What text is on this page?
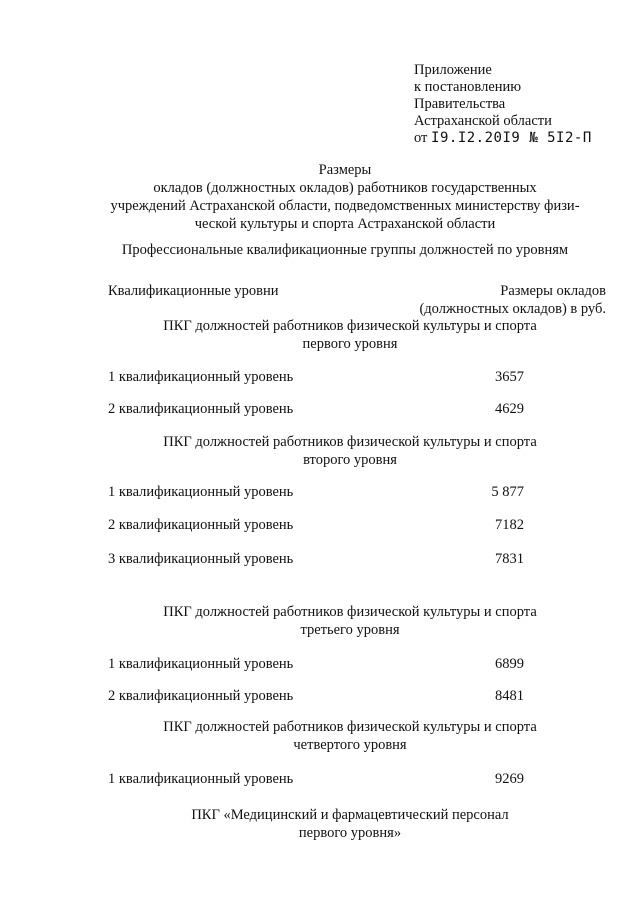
Приложение
к постановлению
Правительства
Астраханской области
от I9.I2.20I9 № 5I2-П
Размеры
окладов (должностных окладов) работников государственных
учреждений Астраханской области, подведомственных министерству физи-
ческой культуры и спорта Астраханской области
Профессиональные квалификационные группы должностей по уровням
Квалификационные уровни	Размеры окладов
(должностных окладов) в руб.
ПКГ должностей работников физической культуры и спорта
первого уровня
1 квалификационный уровень	3657
2 квалификационный уровень	4629
ПКГ должностей работников физической культуры и спорта
второго уровня
1 квалификационный уровень	5 877
2 квалификационный уровень	7182
3 квалификационный уровень	7831
ПКГ должностей работников физической культуры и спорта
третьего уровня
1 квалификационный уровень	6899
2 квалификационный уровень	8481
ПКГ должностей работников физической культуры и спорта
четвертого уровня
1 квалификационный уровень	9269
ПКГ «Медицинский и фармацевтический персонал
первого уровня»
